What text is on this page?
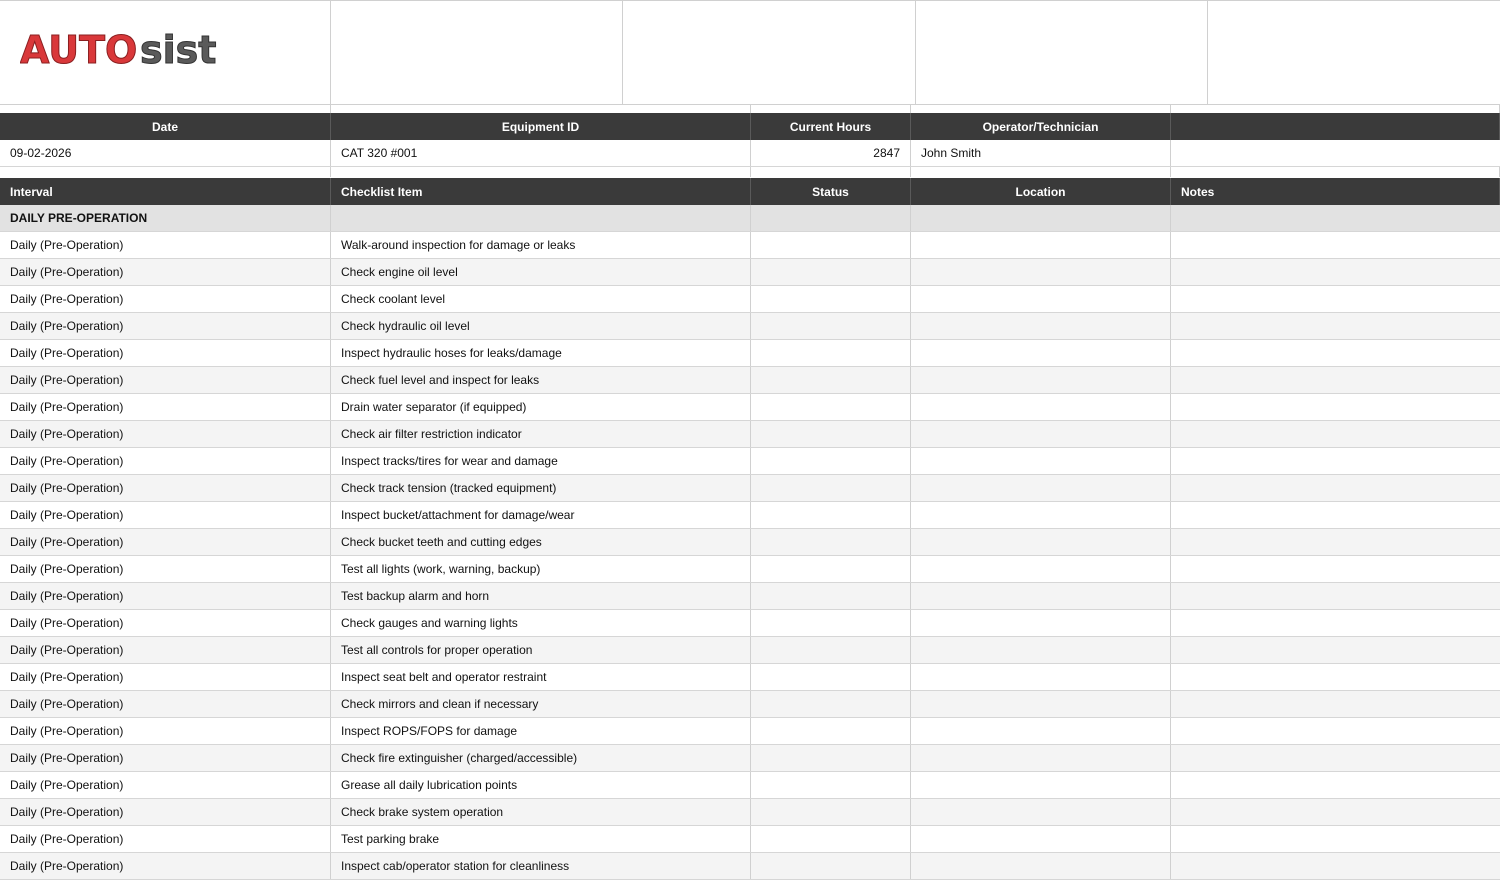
AUTO sist
Date	Equipment ID	Current Hours	Operator/Technician
09-02-2026	CAT 320 #001	2847	John Smith
Interval	Checklist Item	Status	Location	Notes
DAILY PRE-OPERATION
Daily (Pre-Operation)	Walk-around inspection for damage or leaks
Daily (Pre-Operation)	Check engine oil level
Daily (Pre-Operation)	Check coolant level
Daily (Pre-Operation)	Check hydraulic oil level
Daily (Pre-Operation)	Inspect hydraulic hoses for leaks/damage
Daily (Pre-Operation)	Check fuel level and inspect for leaks
Daily (Pre-Operation)	Drain water separator (if equipped)
Daily (Pre-Operation)	Check air filter restriction indicator
Daily (Pre-Operation)	Inspect tracks/tires for wear and damage
Daily (Pre-Operation)	Check track tension (tracked equipment)
Daily (Pre-Operation)	Inspect bucket/attachment for damage/wear
Daily (Pre-Operation)	Check bucket teeth and cutting edges
Daily (Pre-Operation)	Test all lights (work, warning, backup)
Daily (Pre-Operation)	Test backup alarm and horn
Daily (Pre-Operation)	Check gauges and warning lights
Daily (Pre-Operation)	Test all controls for proper operation
Daily (Pre-Operation)	Inspect seat belt and operator restraint
Daily (Pre-Operation)	Check mirrors and clean if necessary
Daily (Pre-Operation)	Inspect ROPS/FOPS for damage
Daily (Pre-Operation)	Check fire extinguisher (charged/accessible)
Daily (Pre-Operation)	Grease all daily lubrication points
Daily (Pre-Operation)	Check brake system operation
Daily (Pre-Operation)	Test parking brake
Daily (Pre-Operation)	Inspect cab/operator station for cleanliness
